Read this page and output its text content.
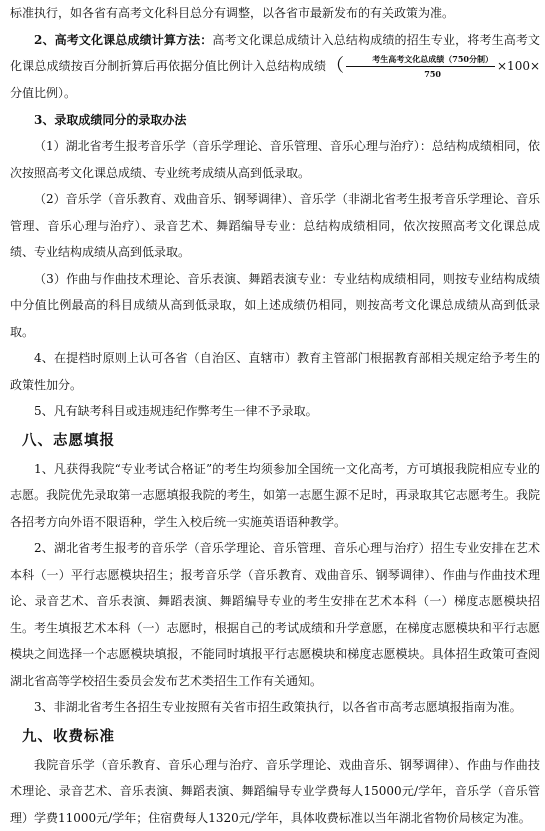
标准执行，如各省有高考文化科目总分有调整，以各省市最新发布的有关政策为准。

2、高考文化课总成绩计算方法：高考文化课总成绩计入总结构成绩的招生专业，将考生高考文化课总成绩按百分制折算后再依据分值比例计入总结构成绩（ $\frac{\text{考生高考文化总成绩（750分制）}}{750} \times 100\times$分值比例）。

3、录取成绩同分的录取办法

（1）湖北省考生报考音乐学（音乐学理论、音乐管理、音乐心理与治疗）：总结构成绩相同，依次按照高考文化课总成绩、专业统考成绩从高到低录取。

（2）音乐学（音乐教育、戏曲音乐、钢琴调律）、音乐学（非湖北省考生报考音乐学理论、音乐管理、音乐心理与治疗）、录音艺术、舞蹈编导专业：总结构成绩相同，依次按照高考文化课总成绩、专业结构成绩从高到低录取。

（3）作曲与作曲技术理论、音乐表演、舞蹈表演专业：专业结构成绩相同，则按专业结构成绩中分值比例最高的科目成绩从高到低录取，如上述成绩仍相同，则按高考文化课总成绩从高到低录取。

4、在提档时原则上认可各省（自治区、直辖市）教育主管部门根据教育部相关规定给予考生的政策性加分。

5、凡有缺考科目或违规违纪作弊考生一律不予录取。

八、志愿填报

1、凡获得我院“专业考试合格证”的考生均须参加全国统一文化高考，方可填报我院相应专业的志愿。我院优先录取第一志愿填报我院的考生，如第一志愿生源不足时，再录取其它志愿考生。我院各招考方向外语不限语种，学生入校后统一实施英语语种教学。

2、湖北省考生报考的音乐学（音乐学理论、音乐管理、音乐心理与治疗）招生专业安排在艺术本科（一）平行志愿模块招生；报考音乐学（音乐教育、戏曲音乐、钢琴调律）、作曲与作曲技术理论、录音艺术、音乐表演、舞蹈表演、舞蹈编导专业的考生安排在艺术本科（一）梯度志愿模块招生。考生填报艺术本科（一）志愿时，根据自己的考试成绩和升学意愿，在梯度志愿模块和平行志愿模块之间选择一个志愿模块填报，不能同时填报平行志愿模块和梯度志愿模块。具体招生政策可查阅湖北省高等学校招生委员会发布艺术类招生工作有关通知。

3、非湖北省考生各招生专业按照有关省市招生政策执行，以各省市高考志愿填报指南为准。

九、收费标准

我院音乐学（音乐教育、音乐心理与治疗、音乐学理论、戏曲音乐、钢琴调律）、作曲与作曲技术理论、录音艺术、音乐表演、舞蹈表演、舞蹈编导专业学费每人15000元/学年，音乐学（音乐管理）学费11000元/学年；住宿费每人1320元/学年，具体收费标准以当年湖北省物价局核定为准。
